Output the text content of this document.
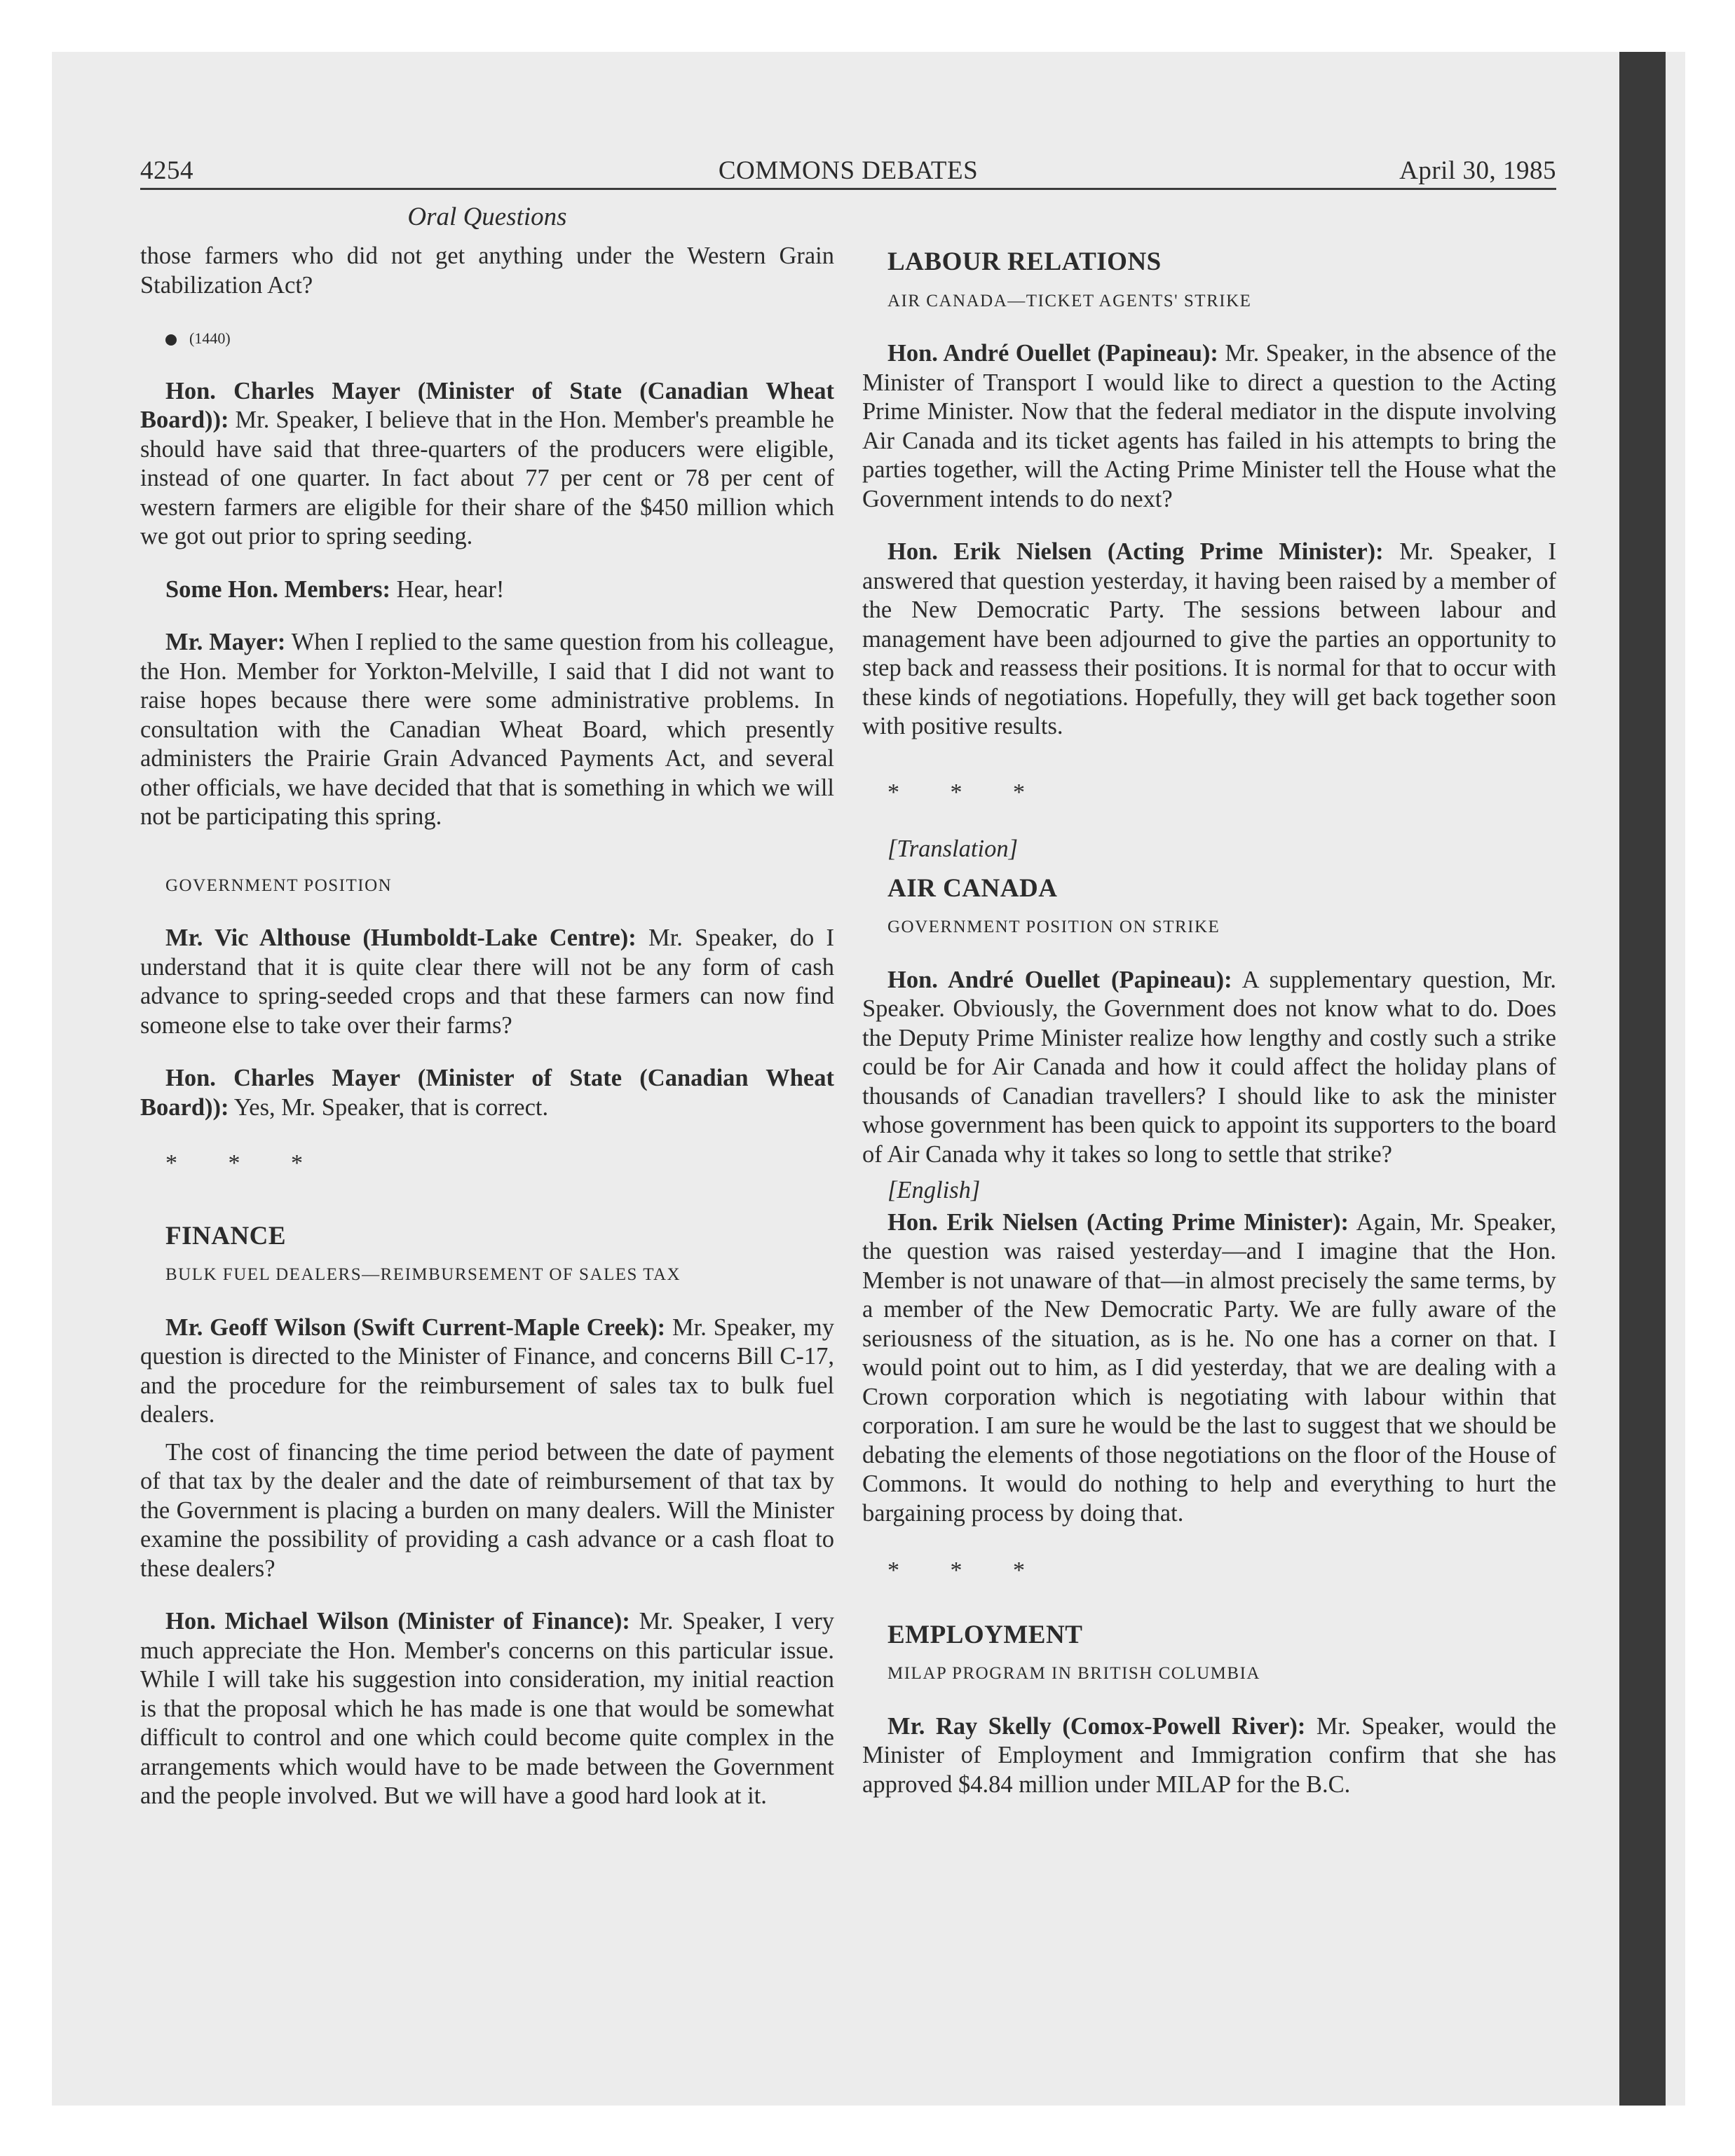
4254	COMMONS DEBATES	April 30, 1985
Oral Questions

those farmers who did not get anything under the Western Grain Stabilization Act?

(1440)

Hon. Charles Mayer (Minister of State (Canadian Wheat Board)): Mr. Speaker, I believe that in the Hon. Member's preamble he should have said that three-quarters of the producers were eligible, instead of one quarter. In fact about 77 per cent or 78 per cent of western farmers are eligible for their share of the $450 million which we got out prior to spring seeding.

Some Hon. Members: Hear, hear!

Mr. Mayer: When I replied to the same question from his colleague, the Hon. Member for Yorkton-Melville, I said that I did not want to raise hopes because there were some administrative problems. In consultation with the Canadian Wheat Board, which presently administers the Prairie Grain Advanced Payments Act, and several other officials, we have decided that that is something in which we will not be participating this spring.

GOVERNMENT POSITION

Mr. Vic Althouse (Humboldt-Lake Centre): Mr. Speaker, do I understand that it is quite clear there will not be any form of cash advance to spring-seeded crops and that these farmers can now find someone else to take over their farms?

Hon. Charles Mayer (Minister of State (Canadian Wheat Board)): Yes, Mr. Speaker, that is correct.

* * *

FINANCE

BULK FUEL DEALERS—REIMBURSEMENT OF SALES TAX

Mr. Geoff Wilson (Swift Current-Maple Creek): Mr. Speaker, my question is directed to the Minister of Finance, and concerns Bill C-17, and the procedure for the reimbursement of sales tax to bulk fuel dealers.

The cost of financing the time period between the date of payment of that tax by the dealer and the date of reimbursement of that tax by the Government is placing a burden on many dealers. Will the Minister examine the possibility of providing a cash advance or a cash float to these dealers?

Hon. Michael Wilson (Minister of Finance): Mr. Speaker, I very much appreciate the Hon. Member's concerns on this particular issue. While I will take his suggestion into consideration, my initial reaction is that the proposal which he has made is one that would be somewhat difficult to control and one which could become quite complex in the arrangements which would have to be made between the Government and the people involved. But we will have a good hard look at it.

LABOUR RELATIONS

AIR CANADA—TICKET AGENTS' STRIKE

Hon. André Ouellet (Papineau): Mr. Speaker, in the absence of the Minister of Transport I would like to direct a question to the Acting Prime Minister. Now that the federal mediator in the dispute involving Air Canada and its ticket agents has failed in his attempts to bring the parties together, will the Acting Prime Minister tell the House what the Government intends to do next?

Hon. Erik Nielsen (Acting Prime Minister): Mr. Speaker, I answered that question yesterday, it having been raised by a member of the New Democratic Party. The sessions between labour and management have been adjourned to give the parties an opportunity to step back and reassess their positions. It is normal for that to occur with these kinds of negotiations. Hopefully, they will get back together soon with positive results.

* * *

[Translation]

AIR CANADA

GOVERNMENT POSITION ON STRIKE

Hon. André Ouellet (Papineau): A supplementary question, Mr. Speaker. Obviously, the Government does not know what to do. Does the Deputy Prime Minister realize how lengthy and costly such a strike could be for Air Canada and how it could affect the holiday plans of thousands of Canadian travellers? I should like to ask the minister whose government has been quick to appoint its supporters to the board of Air Canada why it takes so long to settle that strike?

[English]

Hon. Erik Nielsen (Acting Prime Minister): Again, Mr. Speaker, the question was raised yesterday—and I imagine that the Hon. Member is not unaware of that—in almost precisely the same terms, by a member of the New Democratic Party. We are fully aware of the seriousness of the situation, as is he. No one has a corner on that. I would point out to him, as I did yesterday, that we are dealing with a Crown corporation which is negotiating with labour within that corporation. I am sure he would be the last to suggest that we should be debating the elements of those negotiations on the floor of the House of Commons. It would do nothing to help and everything to hurt the bargaining process by doing that.

* * *

EMPLOYMENT

MILAP PROGRAM IN BRITISH COLUMBIA

Mr. Ray Skelly (Comox-Powell River): Mr. Speaker, would the Minister of Employment and Immigration confirm that she has approved $4.84 million under MILAP for the B.C.
